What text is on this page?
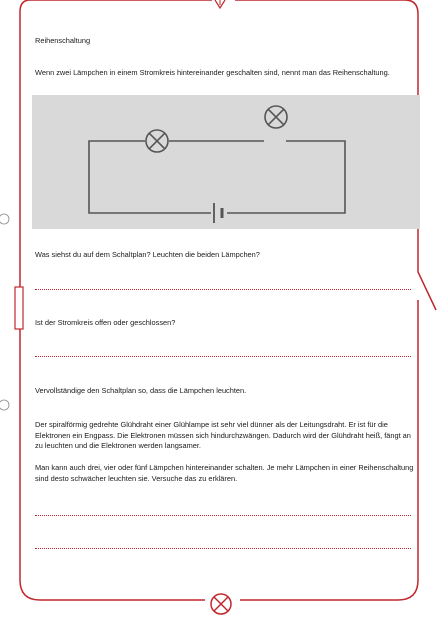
Reihenschaltung

Wenn zwei Lämpchen in einem Stromkreis hintereinander geschalten sind, nennt man das Reihenschaltung.

Was siehst du auf dem Schaltplan? Leuchten die beiden Lämpchen?

Ist der Stromkreis offen oder geschlossen?

Vervollständige den Schaltplan so, dass die Lämpchen leuchten.

Der spiralförmig gedrehte Glühdraht einer Glühlampe ist sehr viel dünner als der Leitungsdraht. Er ist für die Elektronen ein Engpass. Die Elektronen müssen sich hindurchzwängen. Dadurch wird der Glühdraht heiß, fängt an zu leuchten und die Elektronen werden langsamer.

Man kann auch drei, vier oder fünf Lämpchen hintereinander schalten. Je mehr Lämpchen in einer Reihenschaltung sind desto schwächer leuchten sie. Versuche das zu erklären.
